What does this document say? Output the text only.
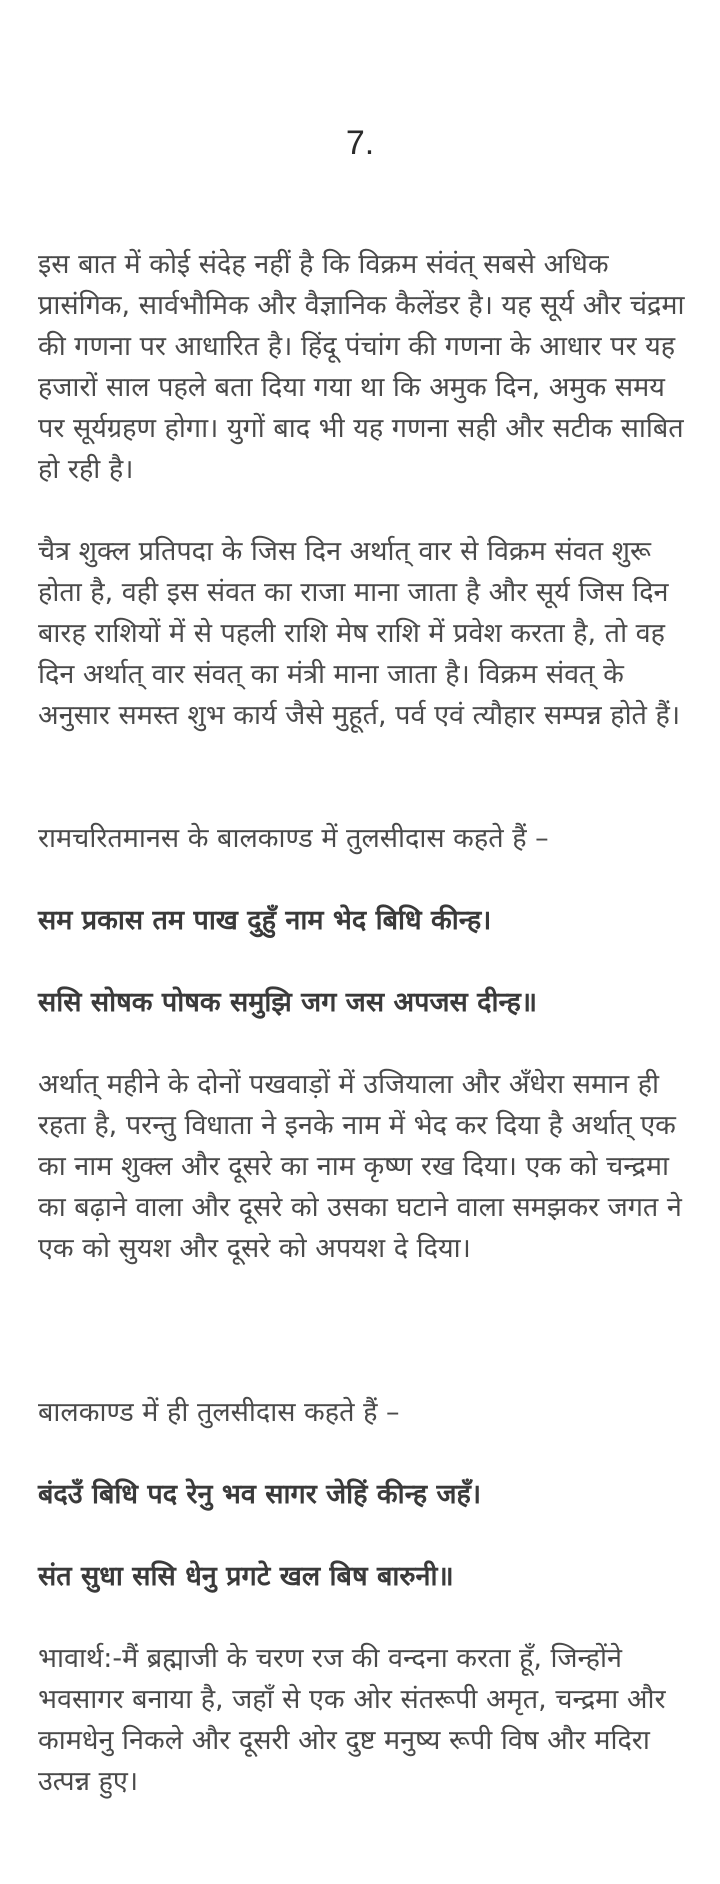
7.

इस बात में कोई संदेह नहीं है कि विक्रम संवंत् सबसे अधिक प्रासंगिक, सार्वभौमिक और वैज्ञानिक कैलेंडर है। यह सूर्य और चंद्रमा की गणना पर आधारित है। हिंदू पंचांग की गणना के आधार पर यह हजारों साल पहले बता दिया गया था कि अमुक दिन, अमुक समय पर सूर्यग्रहण होगा। युगों बाद भी यह गणना सही और सटीक साबित हो रही है।

चैत्र शुक्ल प्रतिपदा के जिस दिन अर्थात् वार से विक्रम संवत शुरू होता है, वही इस संवत का राजा माना जाता है और सूर्य जिस दिन बारह राशियों में से पहली राशि मेष राशि में प्रवेश करता है, तो वह दिन अर्थात् वार संवत् का मंत्री माना जाता है। विक्रम संवत् के अनुसार समस्त शुभ कार्य जैसे मुहूर्त, पर्व एवं त्यौहार सम्पन्न होते हैं।

रामचरितमानस के बालकाण्ड में तुलसीदास कहते हैं –

सम प्रकास तम पाख दुहुँ नाम भेद बिधि कीन्ह।

ससि सोषक पोषक समुझि जग जस अपजस दीन्ह॥

अर्थात् महीने के दोनों पखवाड़ों में उजियाला और अँधेरा समान ही रहता है, परन्तु विधाता ने इनके नाम में भेद कर दिया है अर्थात् एक का नाम शुक्ल और दूसरे का नाम कृष्ण रख दिया। एक को चन्द्रमा का बढ़ाने वाला और दूसरे को उसका घटाने वाला समझकर जगत ने एक को सुयश और दूसरे को अपयश दे दिया।

बालकाण्ड में ही तुलसीदास कहते हैं –

बंदउँ बिधि पद रेनु भव सागर जेहिं कीन्ह जहँ।

संत सुधा ससि धेनु प्रगटे खल बिष बारुनी॥

भावार्थ:-मैं ब्रह्माजी के चरण रज की वन्दना करता हूँ, जिन्होंने भवसागर बनाया है, जहाँ से एक ओर संतरूपी अमृत, चन्द्रमा और कामधेनु निकले और दूसरी ओर दुष्ट मनुष्य रूपी विष और मदिरा उत्पन्न हुए।
